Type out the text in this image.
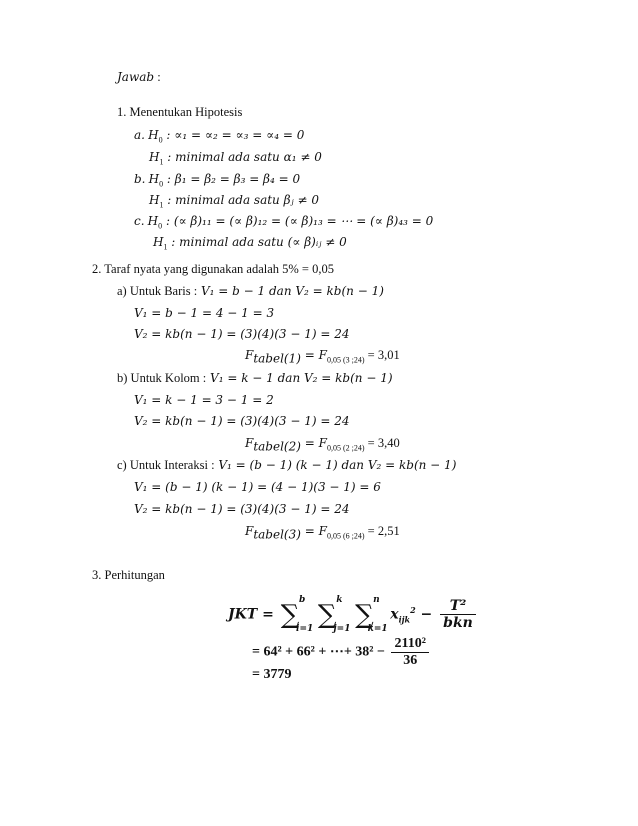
Jawab :
1. Menentukan Hipotesis
a. $H_0$ : ∝₁ = ∝₂ = ∝₃ = ∝₄ = 0
$H_1$ : minimal ada satu α₁ ≠ 0
b. $H_0$ : β₁ = β₂ = β₃ = β₄ = 0
$H_1$ : minimal ada satu βⱼ ≠ 0
c. $H_0$ : (∝ β)₁₁ = (∝ β)₁₂ = (∝ β)₁₃ = ⋯ = (∝ β)₄₃ = 0
$H_1$ : minimal ada satu (∝ β)ᵢⱼ ≠ 0
2. Taraf nyata yang digunakan adalah 5% = 0,05
a) Untuk Baris : V₁ = b − 1 dan V₂ = kb(n − 1)
V₁ = b − 1 = 4 − 1 = 3
V₂ = kb(n − 1) = (3)(4)(3 − 1) = 24
$F_{tabel(1)} = F_{0,05 (3 ;24)} = 3,01$
b) Untuk Kolom : V₁ = k − 1 dan V₂ = kb(n − 1)
V₁ = k − 1 = 3 − 1 = 2
V₂ = kb(n − 1) = (3)(4)(3 − 1) = 24
$F_{tabel(2)} = F_{0,05 (2 ;24)} = 3,40$
c) Untuk Interaksi : V₁ = (b − 1) (k − 1) dan V₂ = kb(n − 1)
V₁ = (b − 1) (k − 1) = (4 − 1)(3 − 1) = 6
V₂ = kb(n − 1) = (3)(4)(3 − 1) = 24
$F_{tabel(3)} = F_{0,05 (6 ;24)} = 2,51$
3. Perhitungan
JKT = ∑ b
i=1 ∑ k
j=1 ∑ n
k=1
$x_{ijk}^2 - \frac{\text{T²}}{\text{bkn}}$
= 64² + 66² + ⋯+ $38^2 - \frac{\text{2110²}}{36}$
= 3779
